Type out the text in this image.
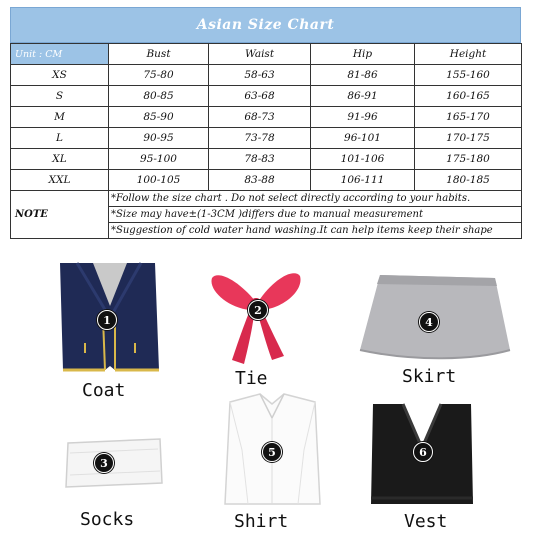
Asian Size Chart
Unit : CM	Bust	Waist	Hip	Height
XS	75-80	58-63	81-86	155-160
S	80-85	63-68	86-91	160-165
M	85-90	68-73	91-96	165-170
L	90-95	73-78	96-101	170-175
XL	95-100	78-83	101-106	175-180
XXL	100-105	83-88	106-111	180-185
NOTE	*Follow the size chart . Do not select directly according to your habits.			
	*Size may have±(1-3CM )differs due to manual measurement			
	*Suggestion of cold water hand washing.It can help items keep their shape			
1
Coat
2
Tie
4
Skirt
3
Socks
5
Shirt
6
Vest
